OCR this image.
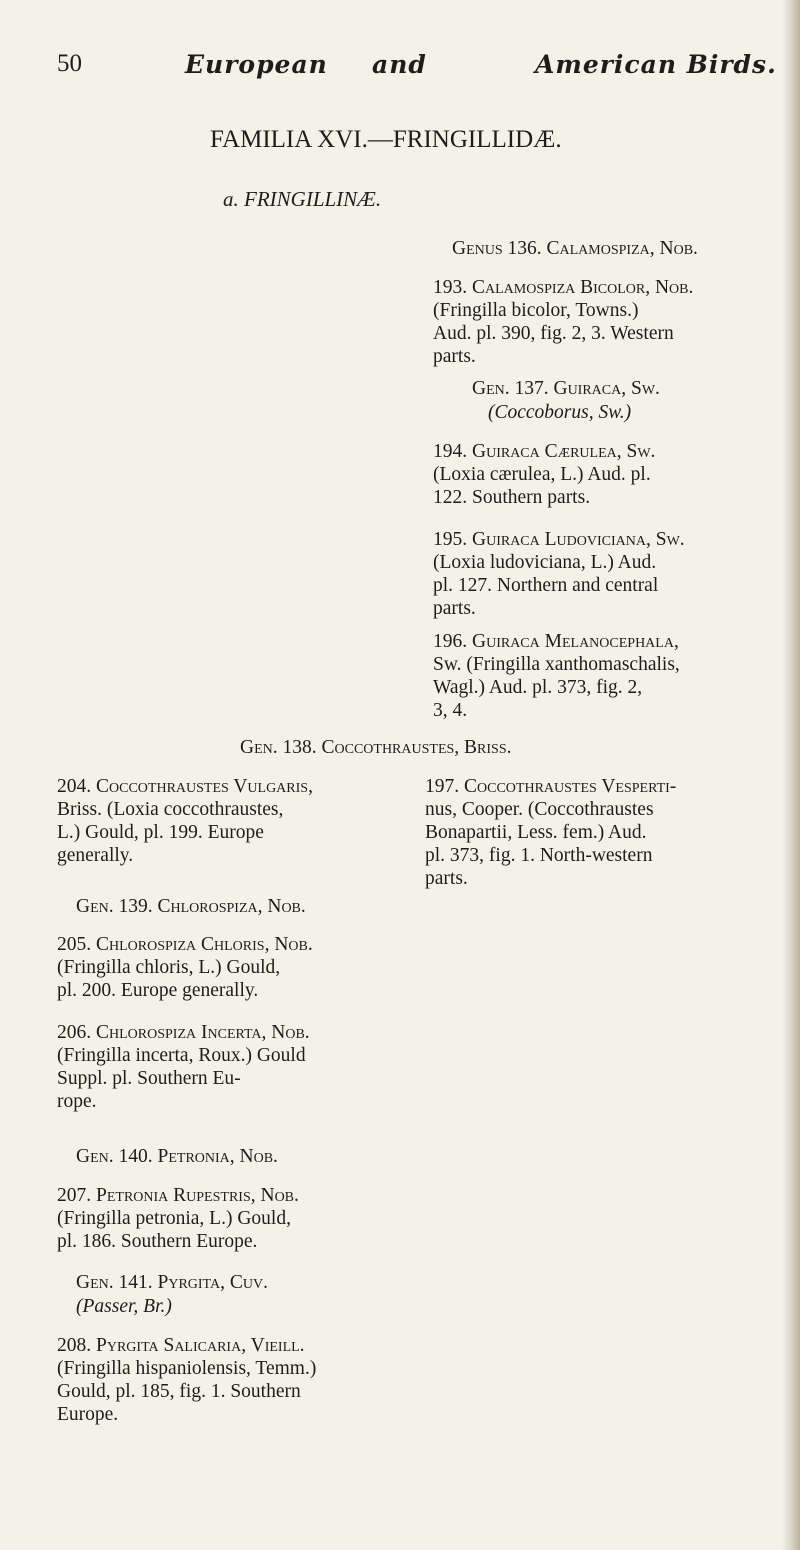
50	European and	American Birds.
FAMILIA XVI.—FRINGILLIDÆ.
a. FRINGILLINÆ.
Genus 136. Calamospiza, Nob.
193. Calamospiza Bicolor, Nob.
(Fringilla bicolor, Towns.)
Aud. pl. 390, fig. 2, 3. Western
parts.
Gen. 137. Guiraca, Sw.
(Coccoborus, Sw.)
194. Guiraca Cærulea, Sw.
(Loxia cærulea, L.) Aud. pl.
122. Southern parts.
195. Guiraca Ludoviciana, Sw.
(Loxia ludoviciana, L.) Aud.
pl. 127. Northern and central
parts.
196. Guiraca Melanocephala,
Sw. (Fringilla xanthomaschalis,
Wagl.) Aud. pl. 373, fig. 2,
3, 4.
Gen. 138. Coccothraustes, Briss.
204. Coccothraustes Vulgaris,
Briss. (Loxia coccothraustes,
L.) Gould, pl. 199. Europe
generally.
197. Coccothraustes Vesperti-
nus, Cooper. (Coccothraustes
Bonapartii, Less. fem.) Aud.
pl. 373, fig. 1. North-western
parts.
Gen. 139. Chlorospiza, Nob.
205. Chlorospiza Chloris, Nob.
(Fringilla chloris, L.) Gould,
pl. 200. Europe generally.
206. Chlorospiza Incerta, Nob.
(Fringilla incerta, Roux.) Gould
Suppl. pl. Southern Eu-
rope.
Gen. 140. Petronia, Nob.
207. Petronia Rupestris, Nob.
(Fringilla petronia, L.) Gould,
pl. 186. Southern Europe.
Gen. 141. Pyrgita, Cuv.
(Passer, Br.)
208. Pyrgita Salicaria, Vieill.
(Fringilla hispaniolensis, Temm.)
Gould, pl. 185, fig. 1. Southern
Europe.
